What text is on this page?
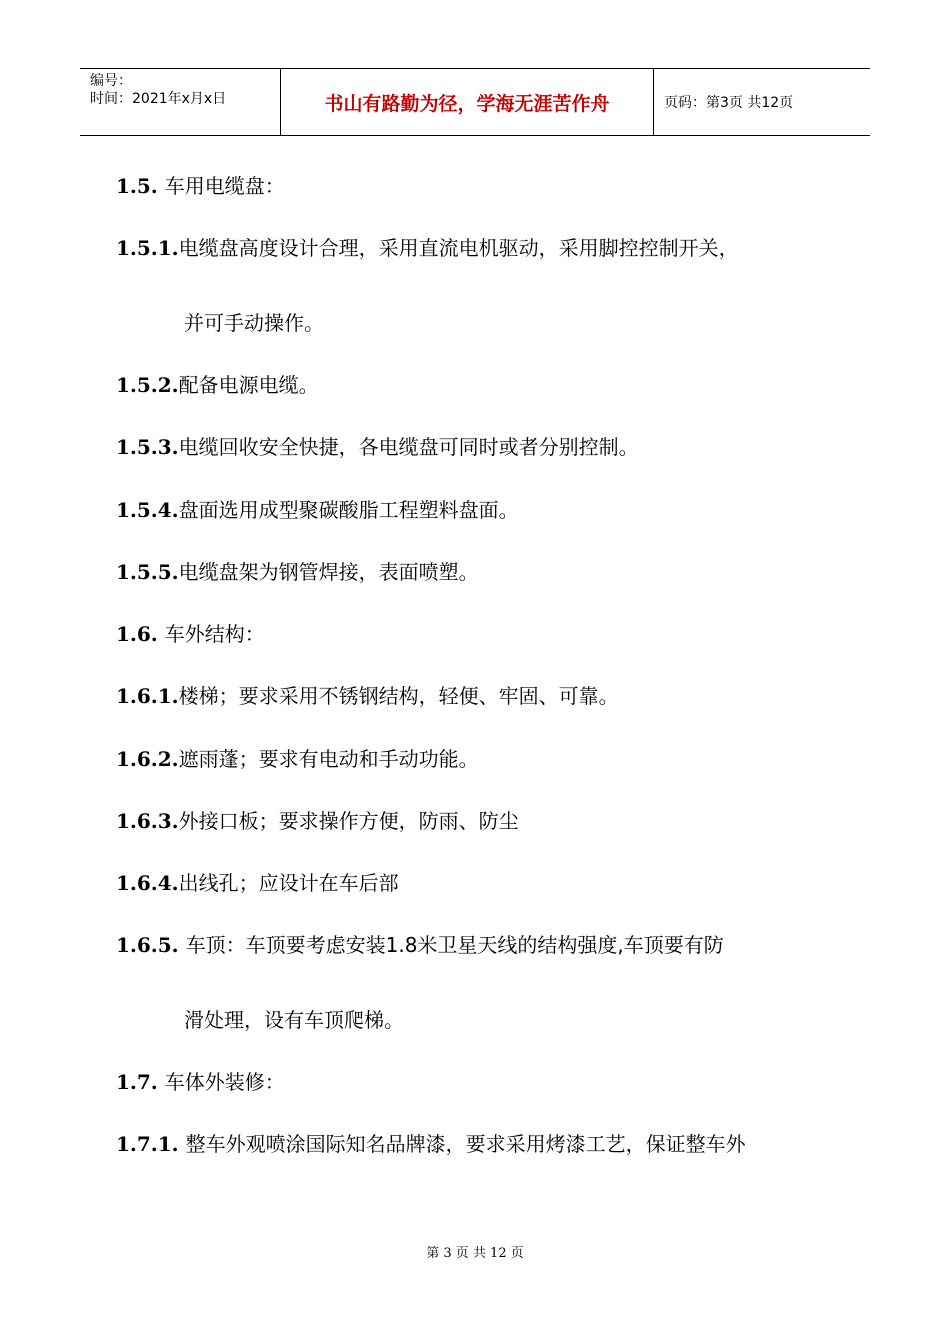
编号：
时间：2021年x月x日	书山有路勤为径，学海无涯苦作舟	页码：第3页 共12页
1.5. 车用电缆盘：
1.5.1.电缆盘高度设计合理，采用直流电机驱动，采用脚控控制开关，
并可手动操作。
1.5.2.配备电源电缆。
1.5.3.电缆回收安全快捷，各电缆盘可同时或者分别控制。
1.5.4.盘面选用成型聚碳酸脂工程塑料盘面。
1.5.5.电缆盘架为钢管焊接，表面喷塑。
1.6. 车外结构：
1.6.1.楼梯；要求采用不锈钢结构，轻便、牢固、可靠。
1.6.2.遮雨蓬；要求有电动和手动功能。
1.6.3.外接口板；要求操作方便，防雨、防尘
1.6.4.出线孔；应设计在车后部
1.6.5. 车顶：车顶要考虑安装1.8米卫星天线的结构强度,车顶要有防
滑处理，设有车顶爬梯。
1.7. 车体外装修：
1.7.1. 整车外观喷涂国际知名品牌漆，要求采用烤漆工艺，保证整车外
第 3 页 共 12 页
